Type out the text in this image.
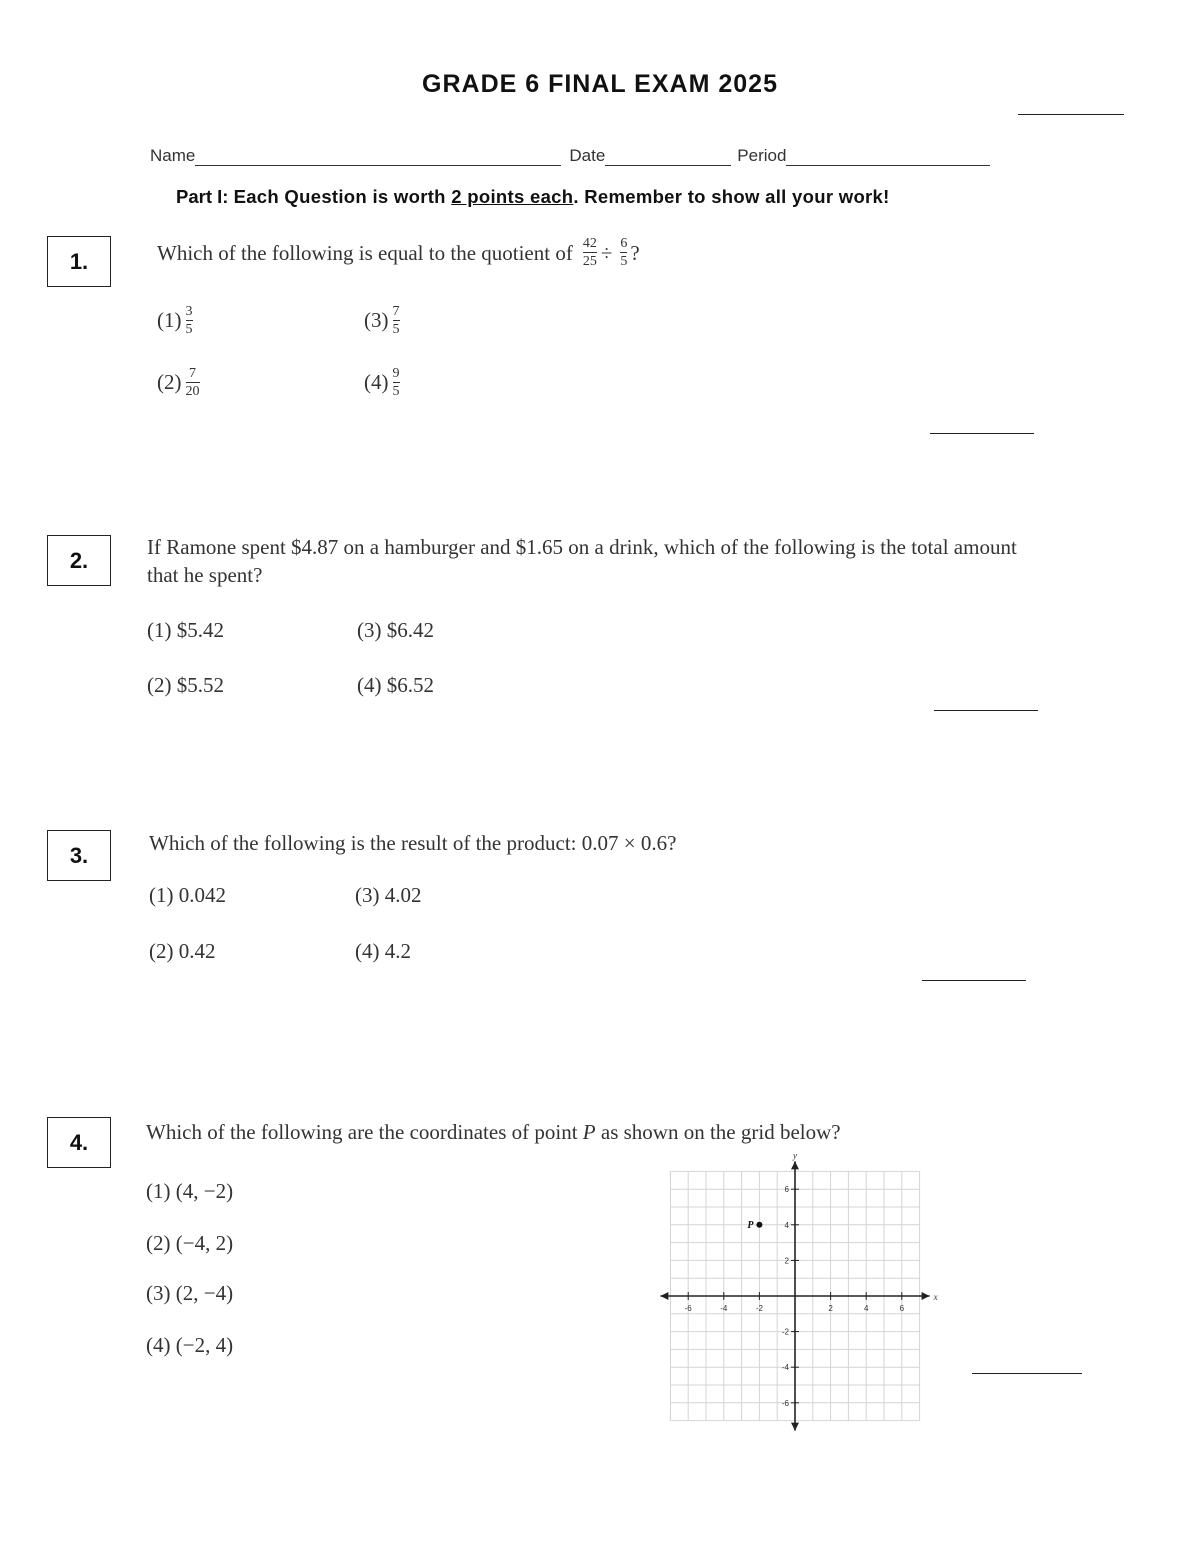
GRADE 6 FINAL EXAM 2025
Name	Date	Period
Part I: Each Question is worth 2 points each. Remember to show all your work!
1.	Which of the following is equal to the quotient of $\frac{42}{25} \div \frac{6}{5}$ ?
$(1) \frac{3}{5}$
$(2) \frac{7}{20}$
$(3) \frac{7}{5}$
$(4) \frac{9}{5}$
2.
If Ramone spent $4.87 on a hamburger and $1.65 on a drink, which of the following is the total amount that he spent?
(1) $5.42
(2) $5.52
(3) $6.42
(4) $6.52
3.	Which of the following is the result of the product: 0.07 × 0.6?
(1) 0.042
(2) 0.42
(3) 4.02
(4) 4.2
4.	Which of the following are the coordinates of point P as shown on the grid below?
(1) (4, −2)
(2) (−4, 2)
(3) (2, −4)
(4) (−2, 4)
x
y
-6	-4	-2	2	4	6
6
4
2
-2
-4
-6
P
